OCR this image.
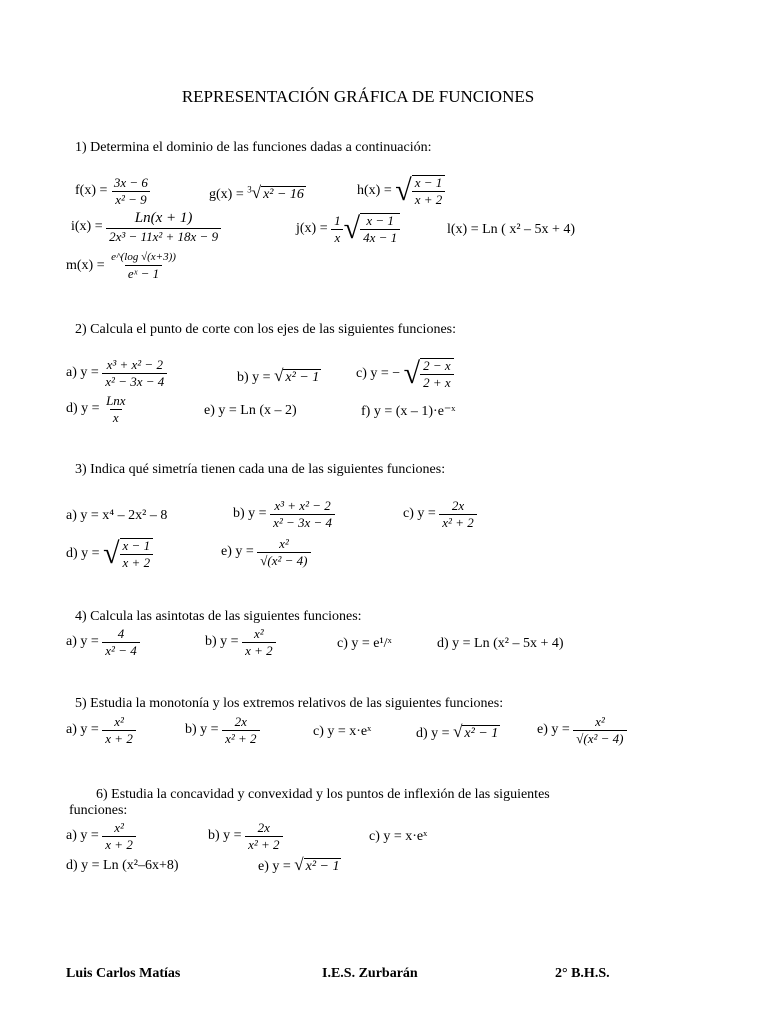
REPRESENTACIÓN GRÁFICA DE FUNCIONES
1) Determina el dominio de las funciones dadas a continuación:
$f(x) = \frac{3x - 6}{\text{x² − 9}}$	g(x) = $^3$√ x² − 16	h(x) = √ $\frac{x - 1}{x + 2}$
$i(x) = \frac{Ln(x + 1)}{\text{2x³ − 11x² + 18x − 9}}$	$j(x) = \frac{1}{x}$ √ $\frac{x - 1}{4x - 1}$	l(x) = Ln ( x² – 5x + 4)
$m(x) = \frac{e\^{}(\log √(x+3))}{\text{eˣ − 1}}$
2) Calcula el punto de corte con los ejes de las siguientes funciones:
a) $y = \frac{\text{x³ + x² − 2}}{\text{x² − 3x − 4}}$	b) y = √ x² − 1	c) y = − √ $\frac{2 - x}{2 + x}$
d) $y = \frac{\text{Lnx}}{x}$	e) y = Ln (x – 2)	f) y = (x – 1)·e⁻ˣ
3) Indica qué simetría tienen cada una de las siguientes funciones:
a) y = x⁴ – 2x² – 8	b) $y = \frac{\text{x³ + x² − 2}}{\text{x² − 3x − 4}}$	c) $y = \frac{2x}{\text{x² + 2}}$
d) y = √ $\frac{x - 1}{x + 2}$	e) $y = \frac{\text{x²}}{\text{√(x² − 4)}}$
4) Calcula las asintotas de las siguientes funciones:
a) $y = \frac{4}{\text{x² − 4}}$	b) $y = \frac{\text{x²}}{x + 2}$	c) y = e¹/ˣ	d) y = Ln (x² – 5x + 4)
5) Estudia la monotonía y los extremos relativos de las siguientes funciones:
a) $y = \frac{\text{x²}}{x + 2}$	b) $y = \frac{2x}{\text{x² + 2}}$	c) y = x·eˣ	d) y = √ x² − 1	e) $y = \frac{\text{x²}}{\text{√(x² − 4)}}$
6) Estudia la concavidad y convexidad y los puntos de inflexión de las siguientes
funciones:
a) $y = \frac{\text{x²}}{x + 2}$	b) $y = \frac{2x}{\text{x² + 2}}$	c) y = x·eˣ
d) y = Ln (x²–6x+8)	e) y = √ x² − 1
Luis Carlos Matías	I.E.S. Zurbarán	2° B.H.S.
